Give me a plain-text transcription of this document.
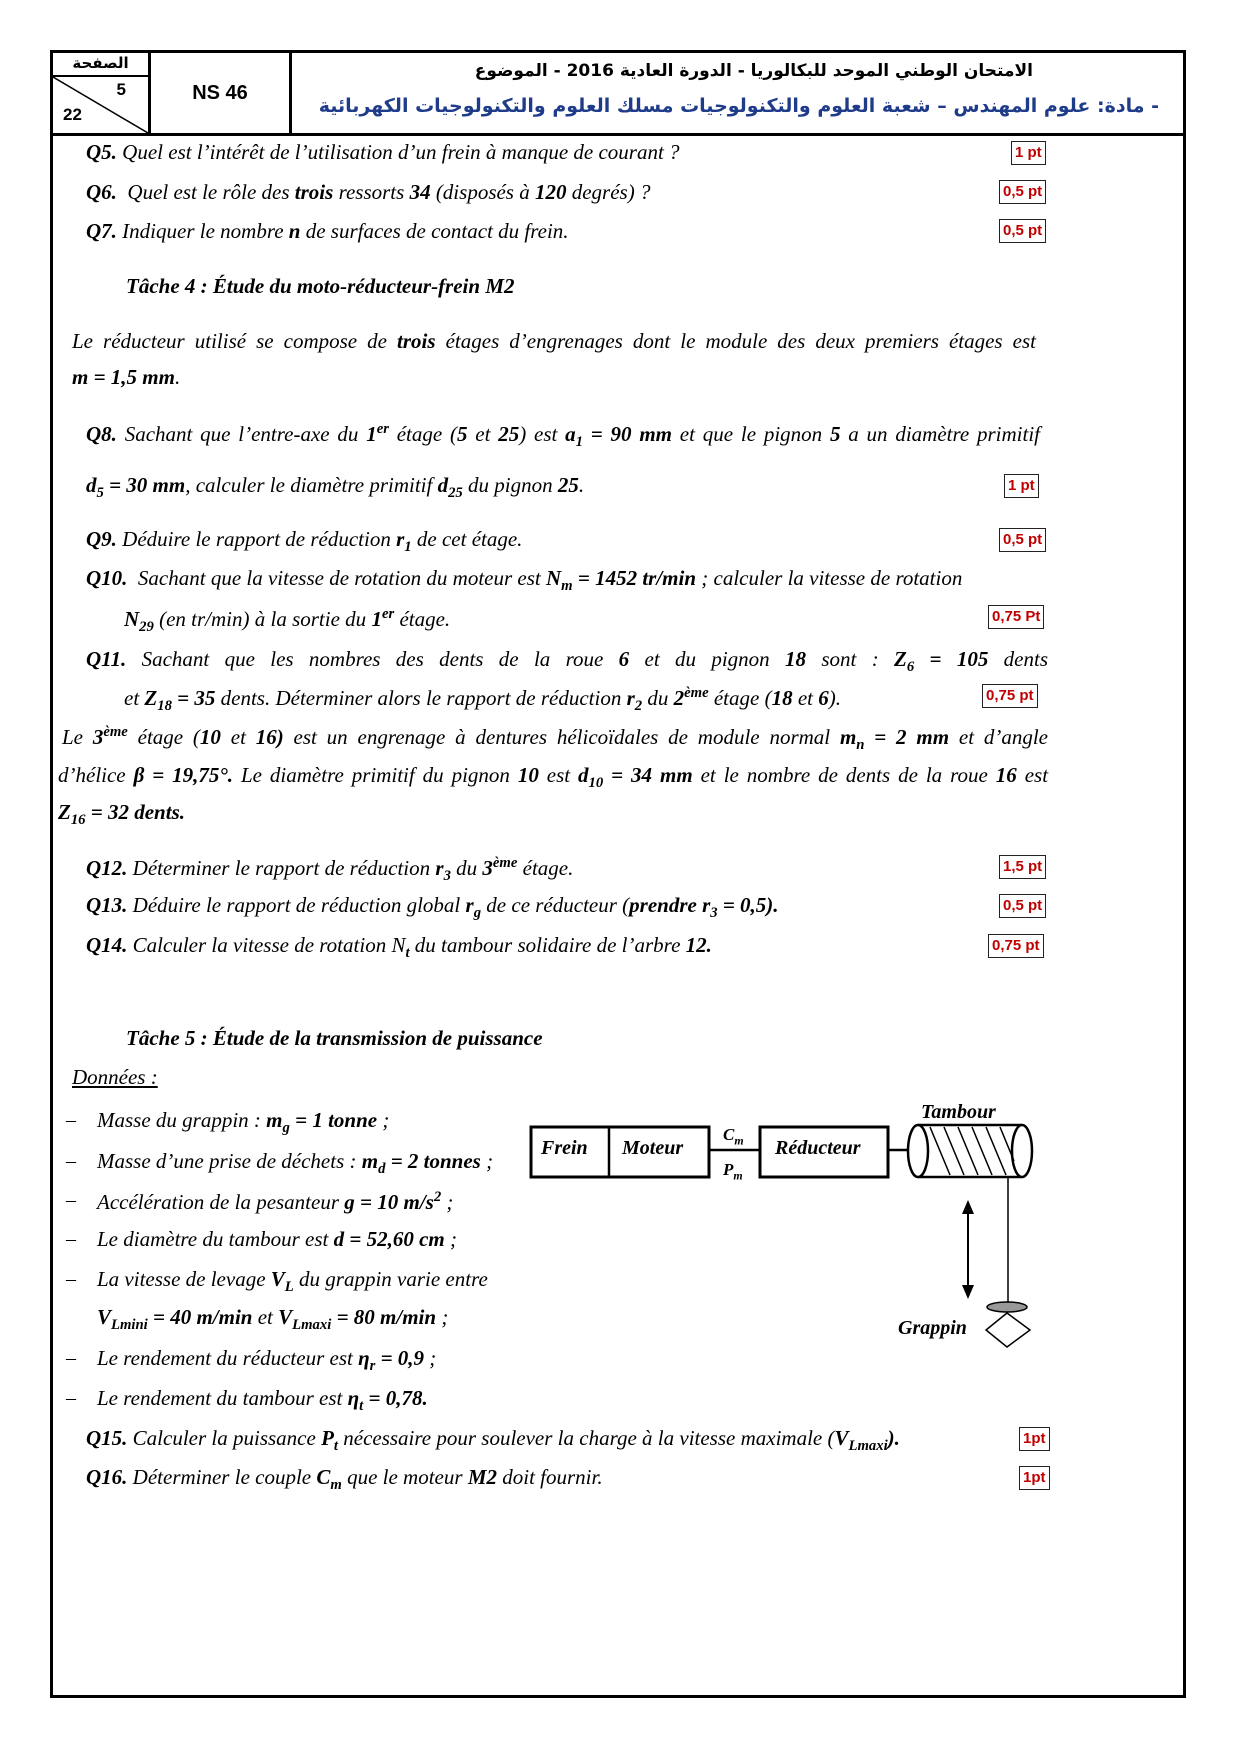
الصفحة
5
22
NS 46
الامتحان الوطني الموحد للبكالوريا - الدورة العادية 2016 - الموضوع
- مادة: علوم المهندس – شعبة العلوم والتكنولوجيات مسلك العلوم والتكنولوجيات الكهربائية
Q5. Quel est l’intérêt de l’utilisation d’un frein à manque de courant ?	1 pt
Q6.  Quel est le rôle des trois ressorts 34 (disposés à 120 degrés) ?	0,5 pt
Q7. Indiquer le nombre n de surfaces de contact du frein.	0,5 pt
Tâche 4 : Étude du moto-réducteur-frein M2
Le réducteur utilisé se compose de trois étages d’engrenages dont le module des deux premiers étages est
m = 1,5 mm.
Q8. Sachant que l’entre-axe du 1er étage (5 et 25) est $a_1 = 90$ mm et que le pignon 5 a un diamètre primitif
$d_5 = 30$ mm, calculer le diamètre primitif $d_{25}$ du pignon 25.	1 pt
Q9. Déduire le rapport de réduction $r_1$ de cet étage.	0,5 pt
Q10.  Sachant que la vitesse de rotation du moteur est $N_m = 1452$ tr/min ; calculer la vitesse de rotation
$N_{29}$ (en tr/min) à la sortie du 1er étage.	0,75 Pt
Q11. Sachant que les nombres des dents de la roue 6 et du pignon 18 sont : $Z_6 = 105$ dents
et $Z_{18} = 35$ dents. Déterminer alors le rapport de réduction $r_2$ du 2ème étage (18 et 6).	0,75 pt
Le 3ème étage (10 et 16) est un engrenage à dentures hélicoïdales de module normal $m_n = 2$ mm et d’angle
d’hélice β = 19,75°. Le diamètre primitif du pignon 10 est $d_{10} = 34$ mm et le nombre de dents de la roue 16 est
$Z_{16} = 32$ dents.
Q12. Déterminer le rapport de réduction $r_3$ du 3ème étage.	1,5 pt
Q13. Déduire le rapport de réduction global $r_g$ de ce réducteur (prendre $r_3 = 0,5$).	0,5 pt
Q14. Calculer la vitesse de rotation $N_t$ du tambour solidaire de l’arbre 12.	0,75 pt
Tâche 5 : Étude de la transmission de puissance
Données :
– Masse du grappin : $m_g = 1$ tonne ;
– Masse d’une prise de déchets : $m_d = 2$ tonnes ;
– Accélération de la pesanteur g = 10 $m/s^2$ ;
– Le diamètre du tambour est d = 52,60 cm ;
– La vitesse de levage $V_L$ du grappin varie entre
$V_{Lmini} = 40$ m/min et $V_{Lmaxi} = 80$ m/min ;
– Le rendement du réducteur est $\eta_r = 0,9$ ;
– Le rendement du tambour est $\eta_t = 0,78$.
Frein Moteur	Réducteur
Tambour
Grappin
$C_m$
$P_m$
Q15. Calculer la puissance $P_t$ nécessaire pour soulever la charge à la vitesse maximale $(V_{Lmaxi})$.	1pt
Q16. Déterminer le couple $C_m$ que le moteur M2 doit fournir.	1pt
